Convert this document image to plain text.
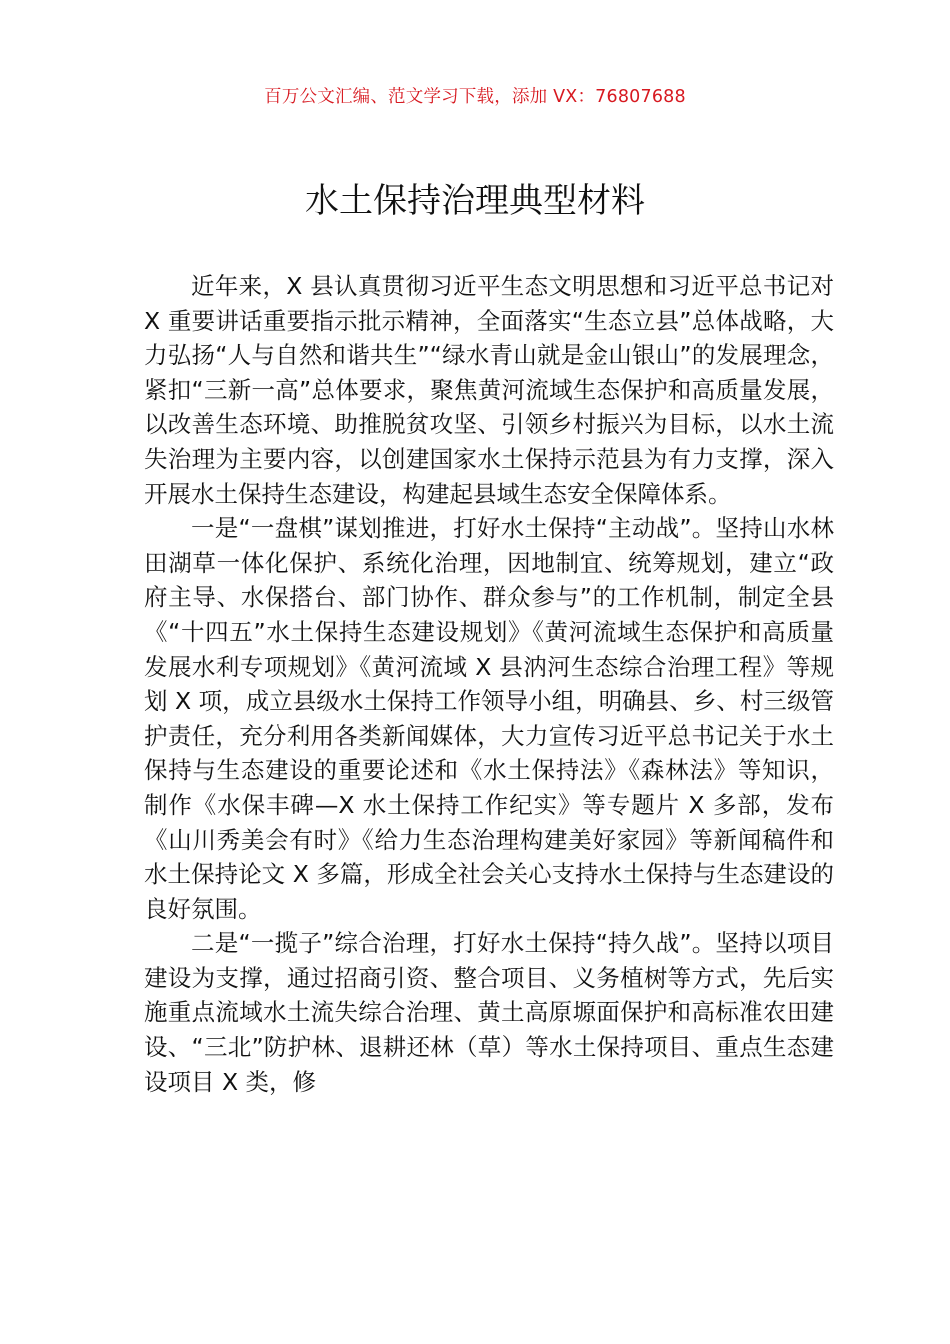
百万公文汇编、范文学习下载，添加 VX：76807688
水土保持治理典型材料

近年来，X 县认真贯彻习近平生态文明思想和习近平总书记对 X 重要讲话重要指示批示精神，全面落实“生态立县”总体战略，大力弘扬“人与自然和谐共生”“绿水青山就是金山银山”的发展理念，紧扣“三新一高”总体要求，聚焦黄河流域生态保护和高质量发展，以改善生态环境、助推脱贫攻坚、引领乡村振兴为目标，以水土流失治理为主要内容，以创建国家水土保持示范县为有力支撑，深入开展水土保持生态建设，构建起县域生态安全保障体系。

一是“一盘棋”谋划推进，打好水土保持“主动战”。坚持山水林田湖草一体化保护、系统化治理，因地制宜、统筹规划，建立“政府主导、水保搭台、部门协作、群众参与”的工作机制，制定全县《“十四五”水土保持生态建设规划》《黄河流域生态保护和高质量发展水利专项规划》《黄河流域 X 县汭河生态综合治理工程》等规划 X 项，成立县级水土保持工作领导小组，明确县、乡、村三级管护责任，充分利用各类新闻媒体，大力宣传习近平总书记关于水土保持与生态建设的重要论述和《水土保持法》《森林法》等知识，制作《水保丰碑—X 水土保持工作纪实》等专题片 X 多部，发布《山川秀美会有时》《给力生态治理构建美好家园》等新闻稿件和水土保持论文 X 多篇，形成全社会关心支持水土保持与生态建设的良好氛围。

二是“一揽子”综合治理，打好水土保持“持久战”。坚持以项目建设为支撑，通过招商引资、整合项目、义务植树等方式，先后实施重点流域水土流失综合治理、黄土高原塬面保护和高标准农田建设、“三北”防护林、退耕还林（草）等水土保持项目、重点生态建设项目 X 类，修
